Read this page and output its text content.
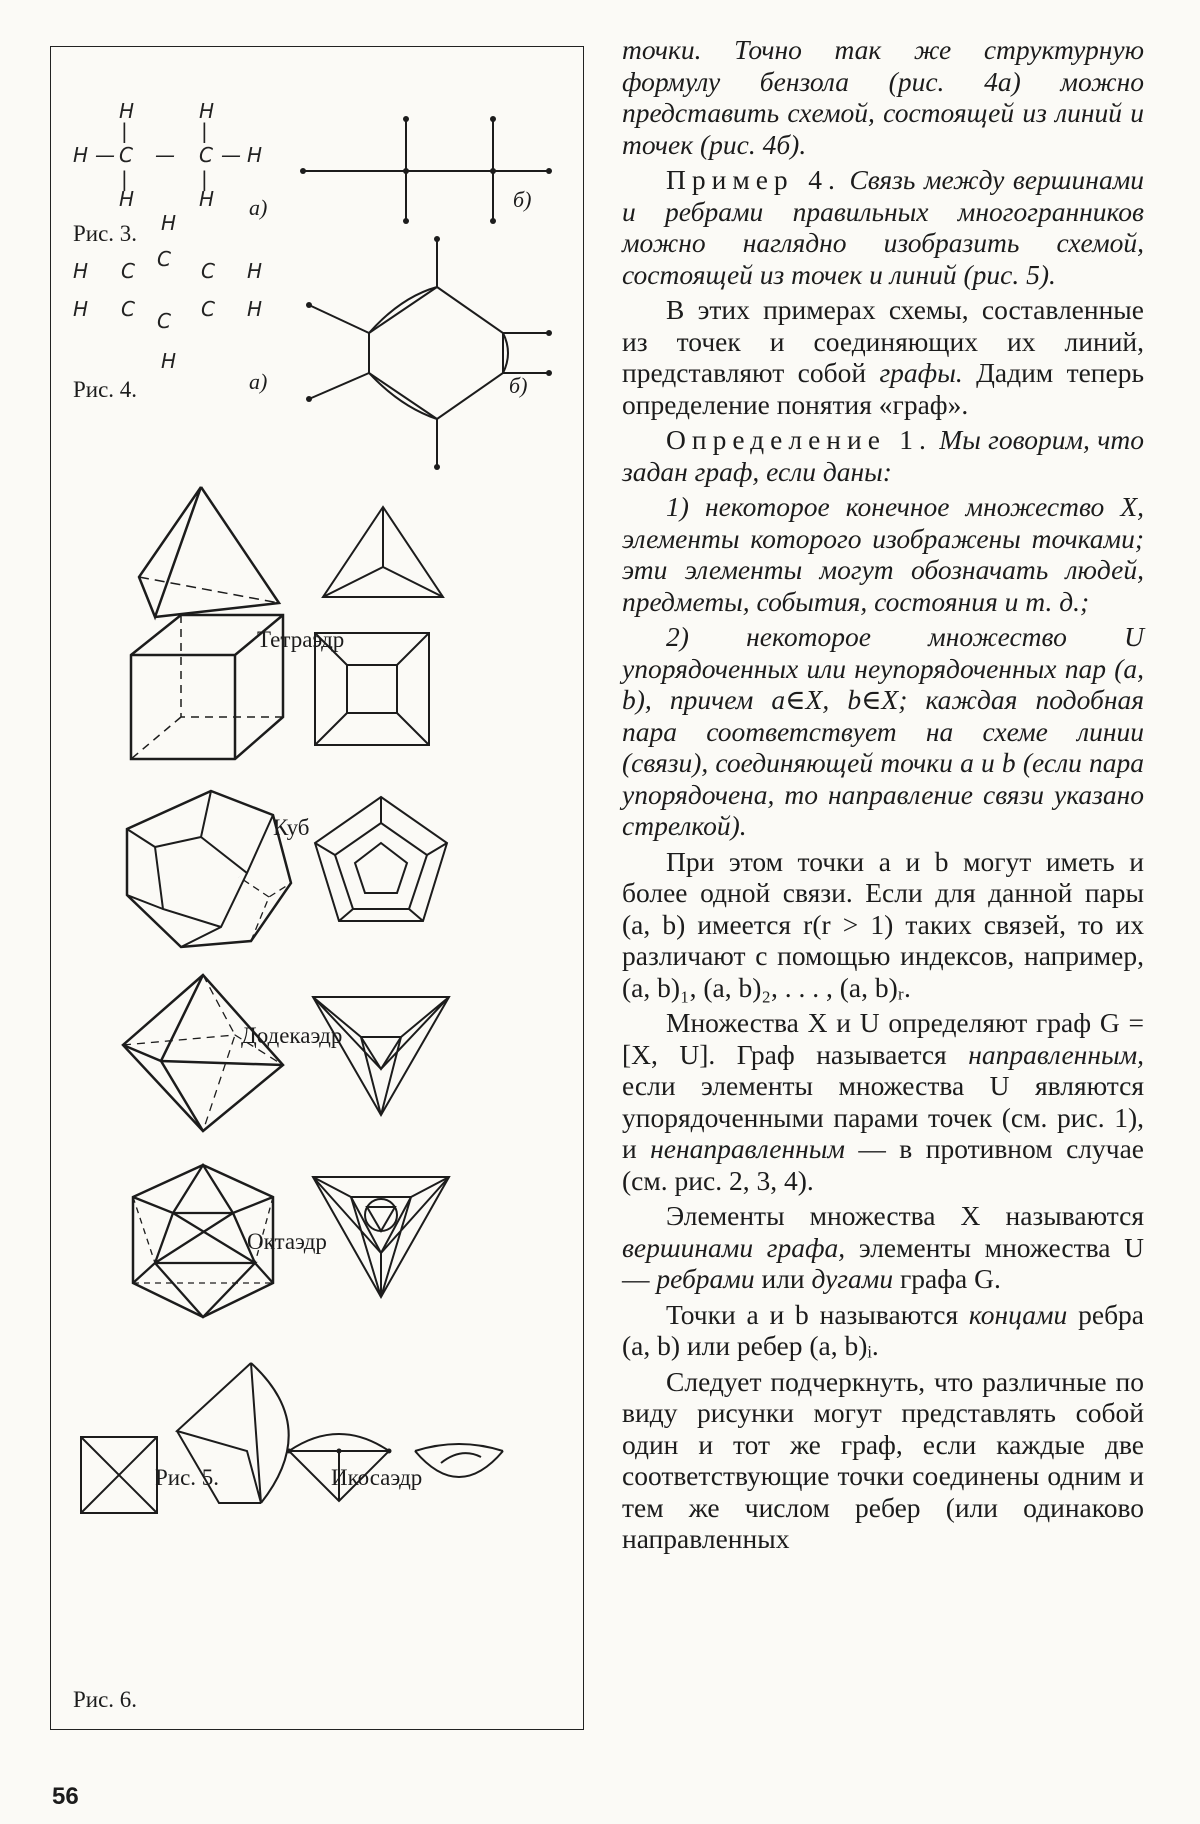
H	H
|	|
H — C — C — H
|	|
H	H а)	б)
Рис. 3. H
H C C C H
H C C C H
H
а)	б)
Рис. 4.
Тетраэдр
Куб
Додекаэдр
Октаэдр
Рис. 5.	Икосаэдр
Рис. 6.

точки. Точно так же структурную формулу бензола (рис. 4а) можно представить схемой, состоящей из линий и точек (рис. 4б).

Пример 4. Связь между вершинами и ребрами правильных многогранников можно наглядно изобразить схемой, состоящей из точек и линий (рис. 5).

В этих примерах схемы, составленные из точек и соединяющих их линий, представляют собой графы. Дадим теперь определение понятия «граф».

Определение 1. Мы говорим, что задан граф, если даны:

1) некоторое конечное множество X, элементы которого изображены точками; эти элементы могут обозначать людей, предметы, события, состояния и т. д.;

2) некоторое множество U упорядоченных или неупорядоченных пар (a, b), причем a∈X, b∈X; каждая подобная пара соответствует на схеме линии (связи), соединяющей точки a и b (если пара упорядочена, то направление связи указано стрелкой).

При этом точки a и b могут иметь и более одной связи. Если для данной пары (a, b) имеется r(r > 1) таких связей, то их различают с помощью индексов, например, (a, b)₁, (a, b)₂, . . . , (a, b)ᵣ.

Множества X и U определяют граф G = [X, U]. Граф называется направленным, если элементы множества U являются упорядоченными парами точек (см. рис. 1), и ненаправленным — в противном случае (см. рис. 2, 3, 4).

Элементы множества X называются вершинами графа, элементы множества U — ребрами или дугами графа G.

Точки a и b называются концами ребра (a, b) или ребер (a, b)ᵢ.

Следует подчеркнуть, что различные по виду рисунки могут представлять собой один и тот же граф, если каждые две соответствующие точки соединены одним и тем же числом ребер (или одинаково направленных

56
